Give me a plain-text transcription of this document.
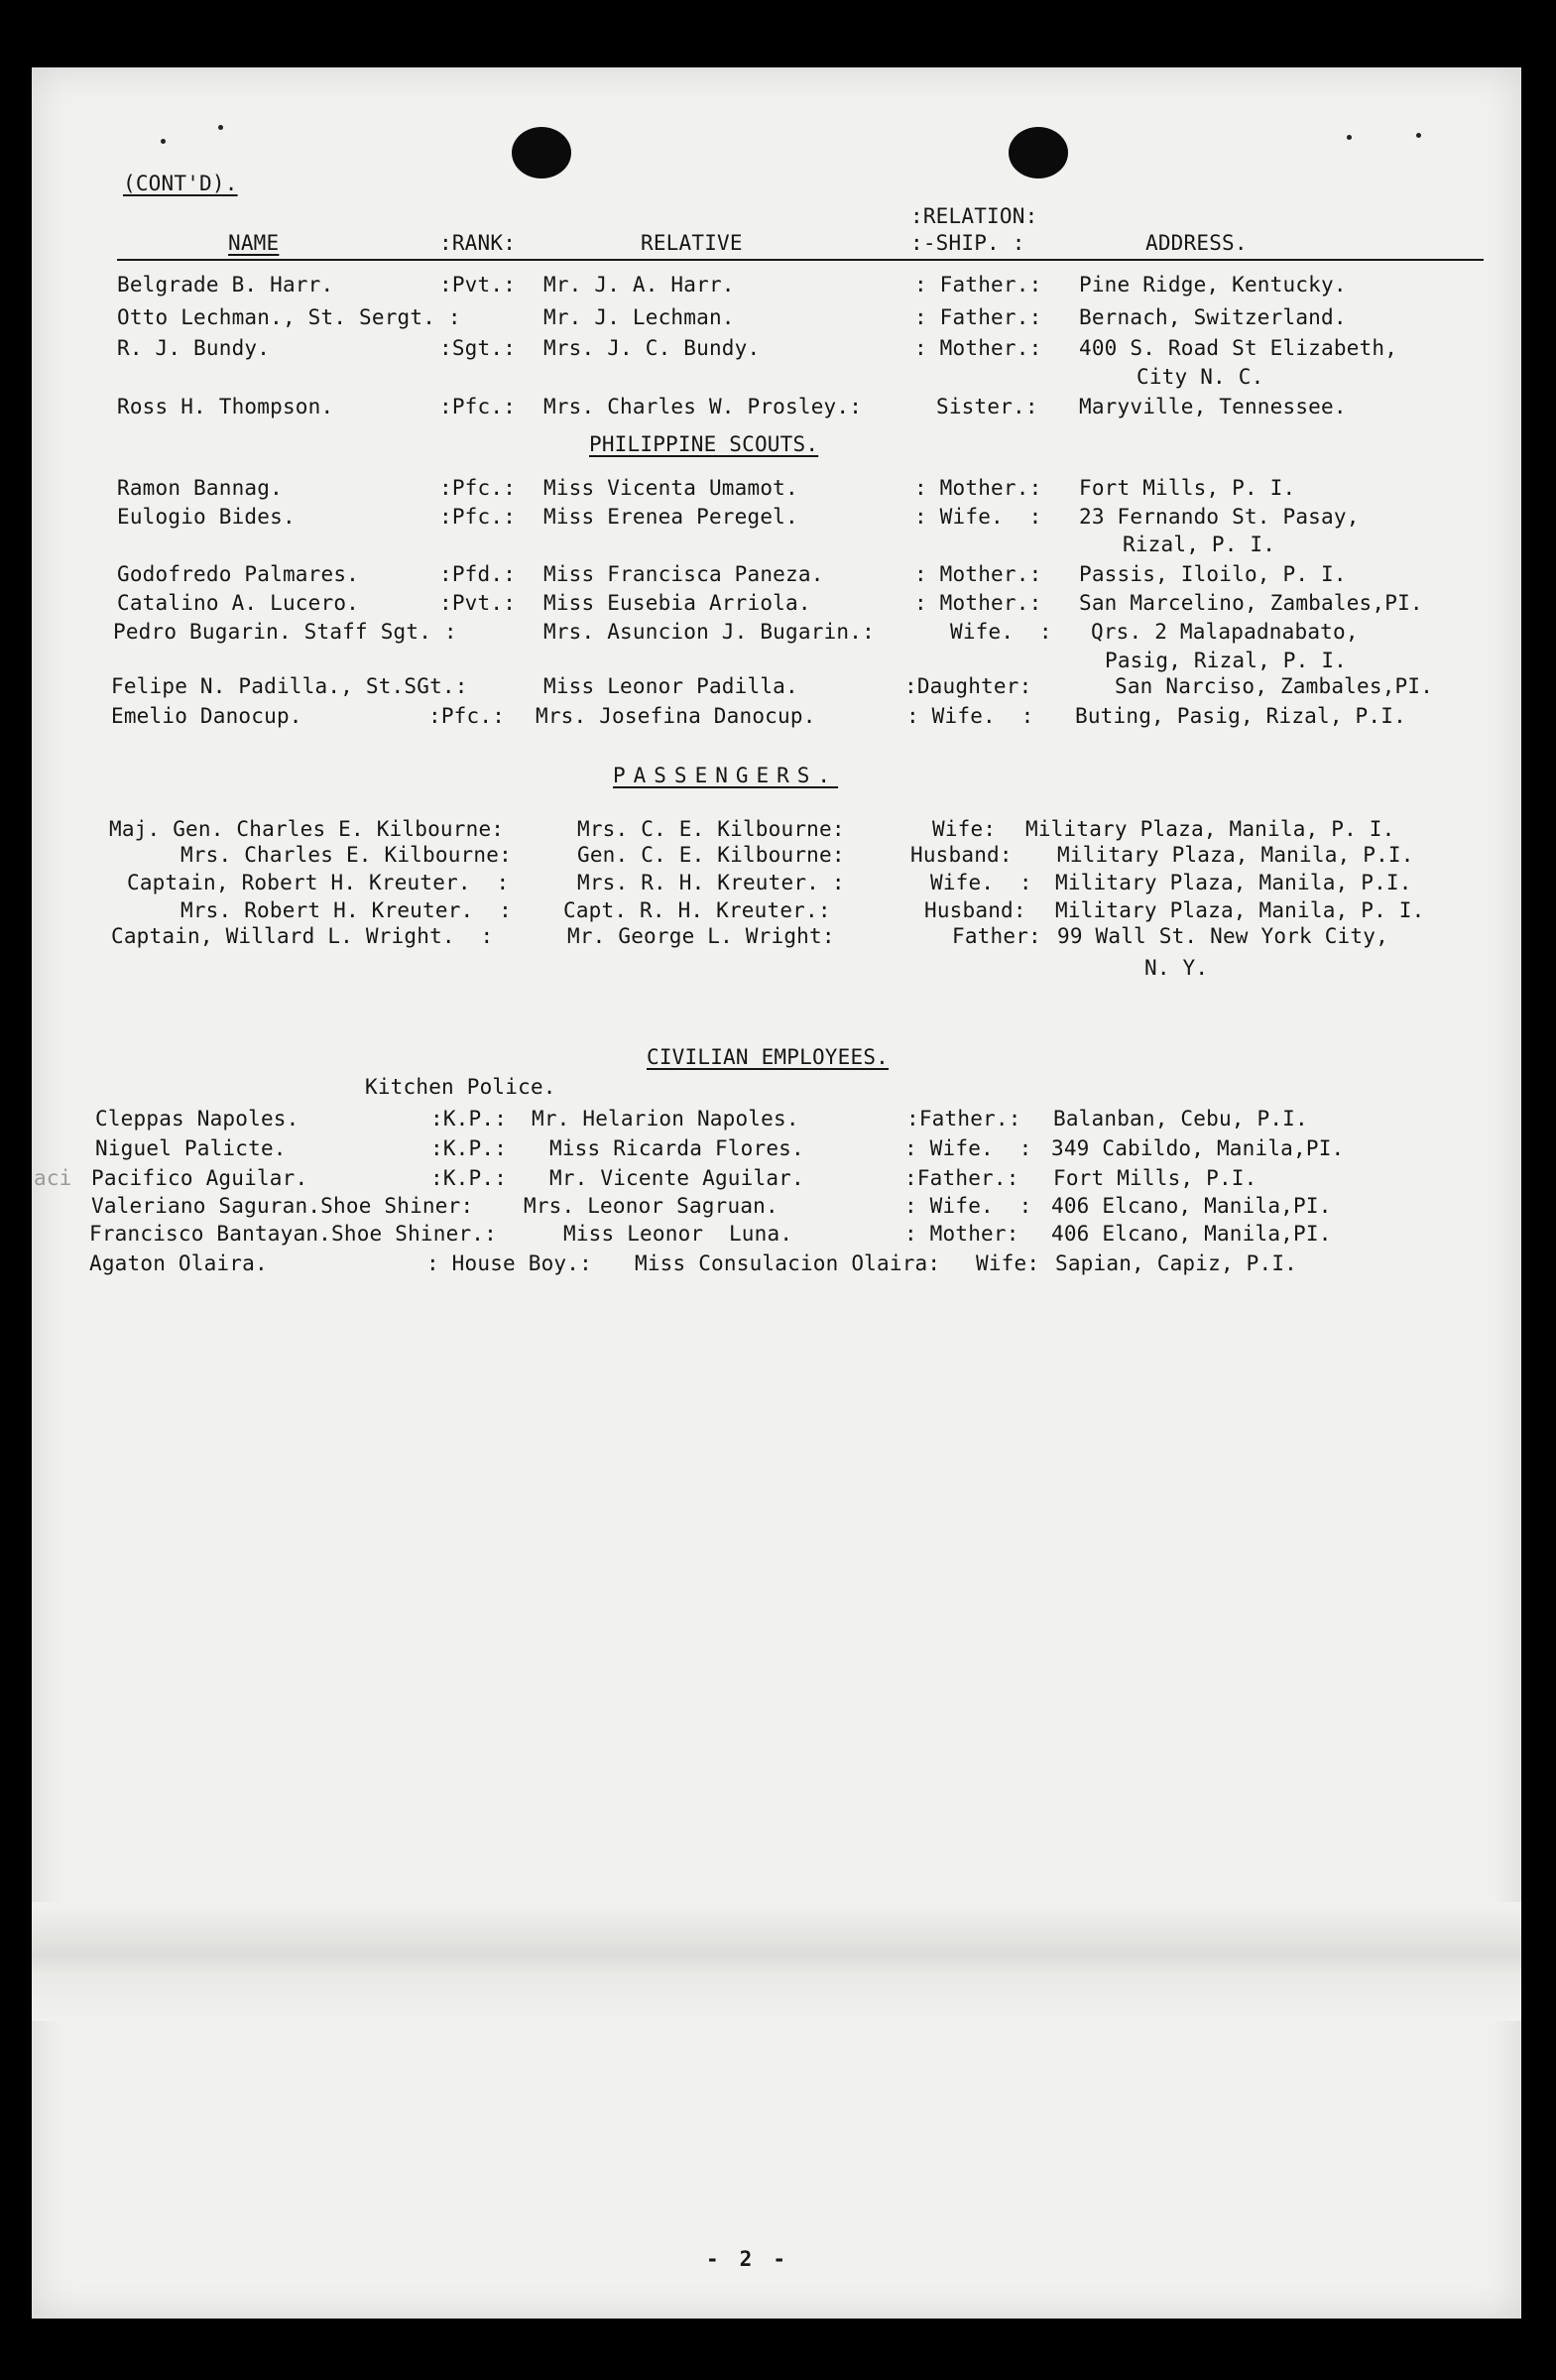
(CONT'D).
:RELATION:
NAME	:RANK:	RELATIVE	:-SHIP. :	ADDRESS.
Belgrade B. Harr.	:Pvt.: Mr. J. A. Harr.	: Father.: Pine Ridge, Kentucky.
Otto Lechman., St. Sergt. :	Mr. J. Lechman.	: Father.: Bernach, Switzerland.
R. J. Bundy.	:Sgt.: Mrs. J. C. Bundy.	: Mother.: 400 S. Road St Elizabeth,
City N. C.
Ross H. Thompson.	:Pfc.: Mrs. Charles W. Prosley.:	Sister.: Maryville, Tennessee.
PHILIPPINE SCOUTS.
Ramon Bannag.	:Pfc.: Miss Vicenta Umamot.	: Mother.: Fort Mills, P. I.
Eulogio Bides.	:Pfc.: Miss Erenea Peregel.	: Wife.  : 23 Fernando St. Pasay,
Rizal, P. I.
Godofredo Palmares.	:Pfd.: Miss Francisca Paneza.	: Mother.: Passis, Iloilo, P. I.
Catalino A. Lucero.	:Pvt.: Miss Eusebia Arriola.	: Mother.: San Marcelino, Zambales,PI.
Pedro Bugarin. Staff Sgt. :	Mrs. Asuncion J. Bugarin.:	Wife.  : Qrs. 2 Malapadnabato,
Pasig, Rizal, P. I.
Felipe N. Padilla., St.SGt.:	Miss Leonor Padilla.	:Daughter:	San Narciso, Zambales,PI.
Emelio Danocup.	:Pfc.: Mrs. Josefina Danocup.	: Wife.  : Buting, Pasig, Rizal, P.I.
PASSENGERS.
Maj. Gen. Charles E. Kilbourne:	Mrs. C. E. Kilbourne:	Wife: Military Plaza, Manila, P. I.
Mrs. Charles E. Kilbourne:	Gen. C. E. Kilbourne:	Husband: Military Plaza, Manila, P.I.
Captain, Robert H. Kreuter.  :	Mrs. R. H. Kreuter. :	Wife.  : Military Plaza, Manila, P.I.
Mrs. Robert H. Kreuter.  : Capt. R. H. Kreuter.:	Husband: Military Plaza, Manila, P. I.
Captain, Willard L. Wright.  :	Mr. George L. Wright:	Father: 99 Wall St. New York City,
N. Y.
CIVILIAN EMPLOYEES.
Kitchen Police.
aci
Cleppas Napoles.	:K.P.: Mr. Helarion Napoles.	:Father.: Balanban, Cebu, P.I.
Niguel Palicte.	:K.P.: Miss Ricarda Flores.	: Wife.  : 349 Cabildo, Manila,PI.
Pacifico Aguilar.	:K.P.: Mr. Vicente Aguilar.	:Father.: Fort Mills, P.I.
Valeriano Saguran.Shoe Shiner: Mrs. Leonor Sagruan.	: Wife.  : 406 Elcano, Manila,PI.
Francisco Bantayan.Shoe Shiner.:	Miss Leonor  Luna.	: Mother: 406 Elcano, Manila,PI.
Agaton Olaira.	: House Boy.: Miss Consulacion Olaira: Wife: Sapian, Capiz, P.I.
- 2 -
